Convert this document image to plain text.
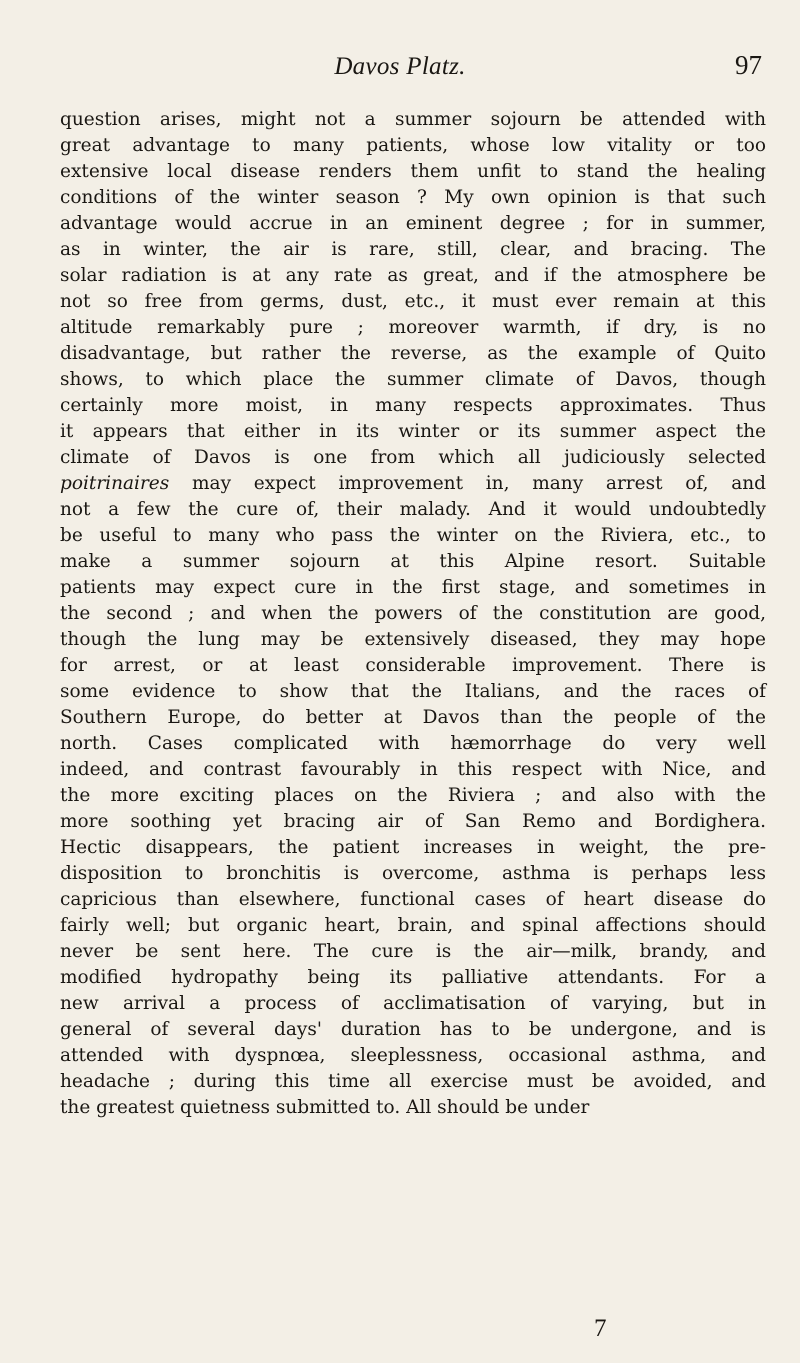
Davos Platz.	97
question arises, might not a summer sojourn be attended with
great advantage to many patients, whose low vitality or too
extensive local disease renders them unfit to stand the healing
conditions of the winter season ? My own opinion is that such
advantage would accrue in an eminent degree ; for in summer,
as in winter, the air is rare, still, clear, and bracing. The
solar radiation is at any rate as great, and if the atmosphere be
not so free from germs, dust, etc., it must ever remain at this
altitude remarkably pure ; moreover warmth, if dry, is no
disadvantage, but rather the reverse, as the example of Quito
shows, to which place the summer climate of Davos, though
certainly more moist, in many respects approximates. Thus
it appears that either in its winter or its summer aspect the
climate of Davos is one from which all judiciously selected
poitrinaires may expect improvement in, many arrest of, and
not a few the cure of, their malady. And it would undoubtedly
be useful to many who pass the winter on the Riviera, etc., to
make a summer sojourn at this Alpine resort. Suitable
patients may expect cure in the first stage, and sometimes in
the second ; and when the powers of the constitution are good,
though the lung may be extensively diseased, they may hope
for arrest, or at least considerable improvement. There is
some evidence to show that the Italians, and the races of
Southern Europe, do better at Davos than the people of the
north. Cases complicated with hæmorrhage do very well
indeed, and contrast favourably in this respect with Nice, and
the more exciting places on the Riviera ; and also with the
more soothing yet bracing air of San Remo and Bordighera.
Hectic disappears, the patient increases in weight, the pre-
disposition to bronchitis is overcome, asthma is perhaps less
capricious than elsewhere, functional cases of heart disease do
fairly well; but organic heart, brain, and spinal affections should
never be sent here. The cure is the air—milk, brandy, and
modified hydropathy being its palliative attendants. For a
new arrival a process of acclimatisation of varying, but in
general of several days' duration has to be undergone, and is
attended with dyspnœa, sleeplessness, occasional asthma, and
headache ; during this time all exercise must be avoided, and
the greatest quietness submitted to. All should be under
7
